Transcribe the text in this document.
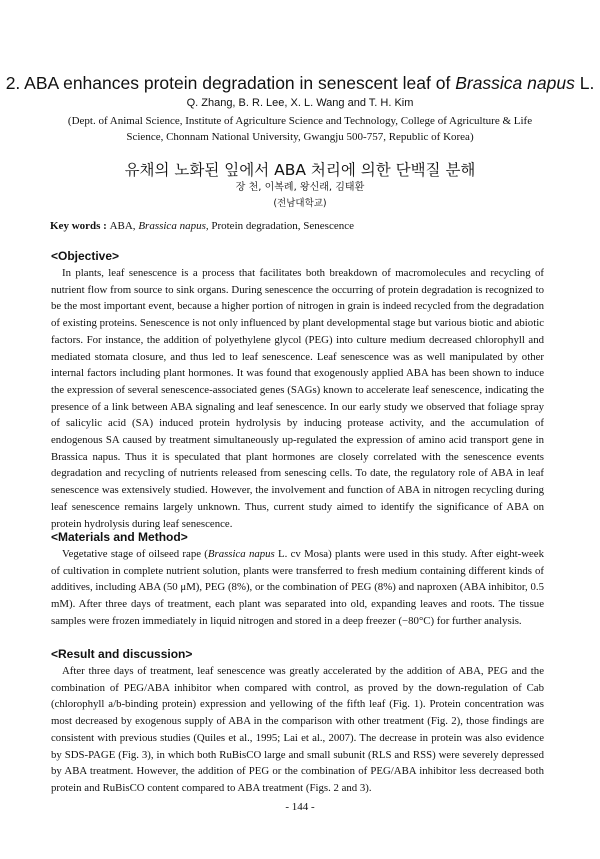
2. ABA enhances protein degradation in senescent leaf of Brassica napus L.
Q. Zhang, B. R. Lee, X. L. Wang and T. H. Kim
(Dept. of Animal Science, Institute of Agriculture Science and Technology, College of Agriculture & Life Science, Chonnam National University, Gwangju 500-757, Republic of Korea)
유채의 노화된 잎에서 ABA 처리에 의한 단백질 분해
장 천, 이복례, 왕신래, 김태환
(전남대학교)
Key words : ABA, Brassica napus, Protein degradation, Senescence
<Objective>

In plants, leaf senescence is a process that facilitates both breakdown of macromolecules and recycling of nutrient flow from source to sink organs. During senescence the occurring of protein degradation is recognized to be the most important event, because a higher portion of nitrogen in grain is indeed recycled from the degradation of existing proteins. Senescence is not only influenced by plant developmental stage but various biotic and abiotic factors. For instance, the addition of polyethylene glycol (PEG) into culture medium decreased chlorophyll and mediated stomata closure, and thus led to leaf senescence. Leaf senescence was as well manipulated by other internal factors including plant hormones. It was found that exogenously applied ABA has been shown to induce the expression of several senescence-associated genes (SAGs) known to accelerate leaf senescence, indicating the presence of a link between ABA signaling and leaf senescence. In our early study we observed that foliage spray of salicylic acid (SA) induced protein hydrolysis by inducing protease activity, and the accumulation of endogenous SA caused by treatment simultaneously up-regulated the expression of amino acid transport gene in Brassica napus. Thus it is speculated that plant hormones are closely correlated with the senescence events degradation and recycling of nutrients released from senescing cells. To date, the regulatory role of ABA in leaf senescence was extensively studied. However, the involvement and function of ABA in nitrogen recycling during leaf senescence remains largely unknown. Thus, current study aimed to identify the significance of ABA on protein hydrolysis during leaf senescence.

<Materials and Method>

Vegetative stage of oilseed rape (Brassica napus L. cv Mosa) plants were used in this study. After eight-week of cultivation in complete nutrient solution, plants were transferred to fresh medium containing different kinds of additives, including ABA (50 μM), PEG (8%), or the combination of PEG (8%) and naproxen (ABA inhibitor, 0.5 mM). After three days of treatment, each plant was separated into old, expanding leaves and roots. The tissue samples were frozen immediately in liquid nitrogen and stored in a deep freezer (−80°C) for further analysis.

<Result and discussion>

After three days of treatment, leaf senescence was greatly accelerated by the addition of ABA, PEG and the combination of PEG/ABA inhibitor when compared with control, as proved by the down-regulation of Cab (chlorophyll a/b-binding protein) expression and yellowing of the fifth leaf (Fig. 1). Protein concentration was most decreased by exogenous supply of ABA in the comparison with other treatment (Fig. 2), those findings are consistent with previous studies (Quiles et al., 1995; Lai et al., 2007). The decrease in protein was also evidence by SDS-PAGE (Fig. 3), in which both RuBisCO large and small subunit (RLS and RSS) were severely depressed by ABA treatment. However, the addition of PEG or the combination of PEG/ABA inhibitor less decreased both protein and RuBisCO content compared to ABA treatment (Figs. 2 and 3).

- 144 -
